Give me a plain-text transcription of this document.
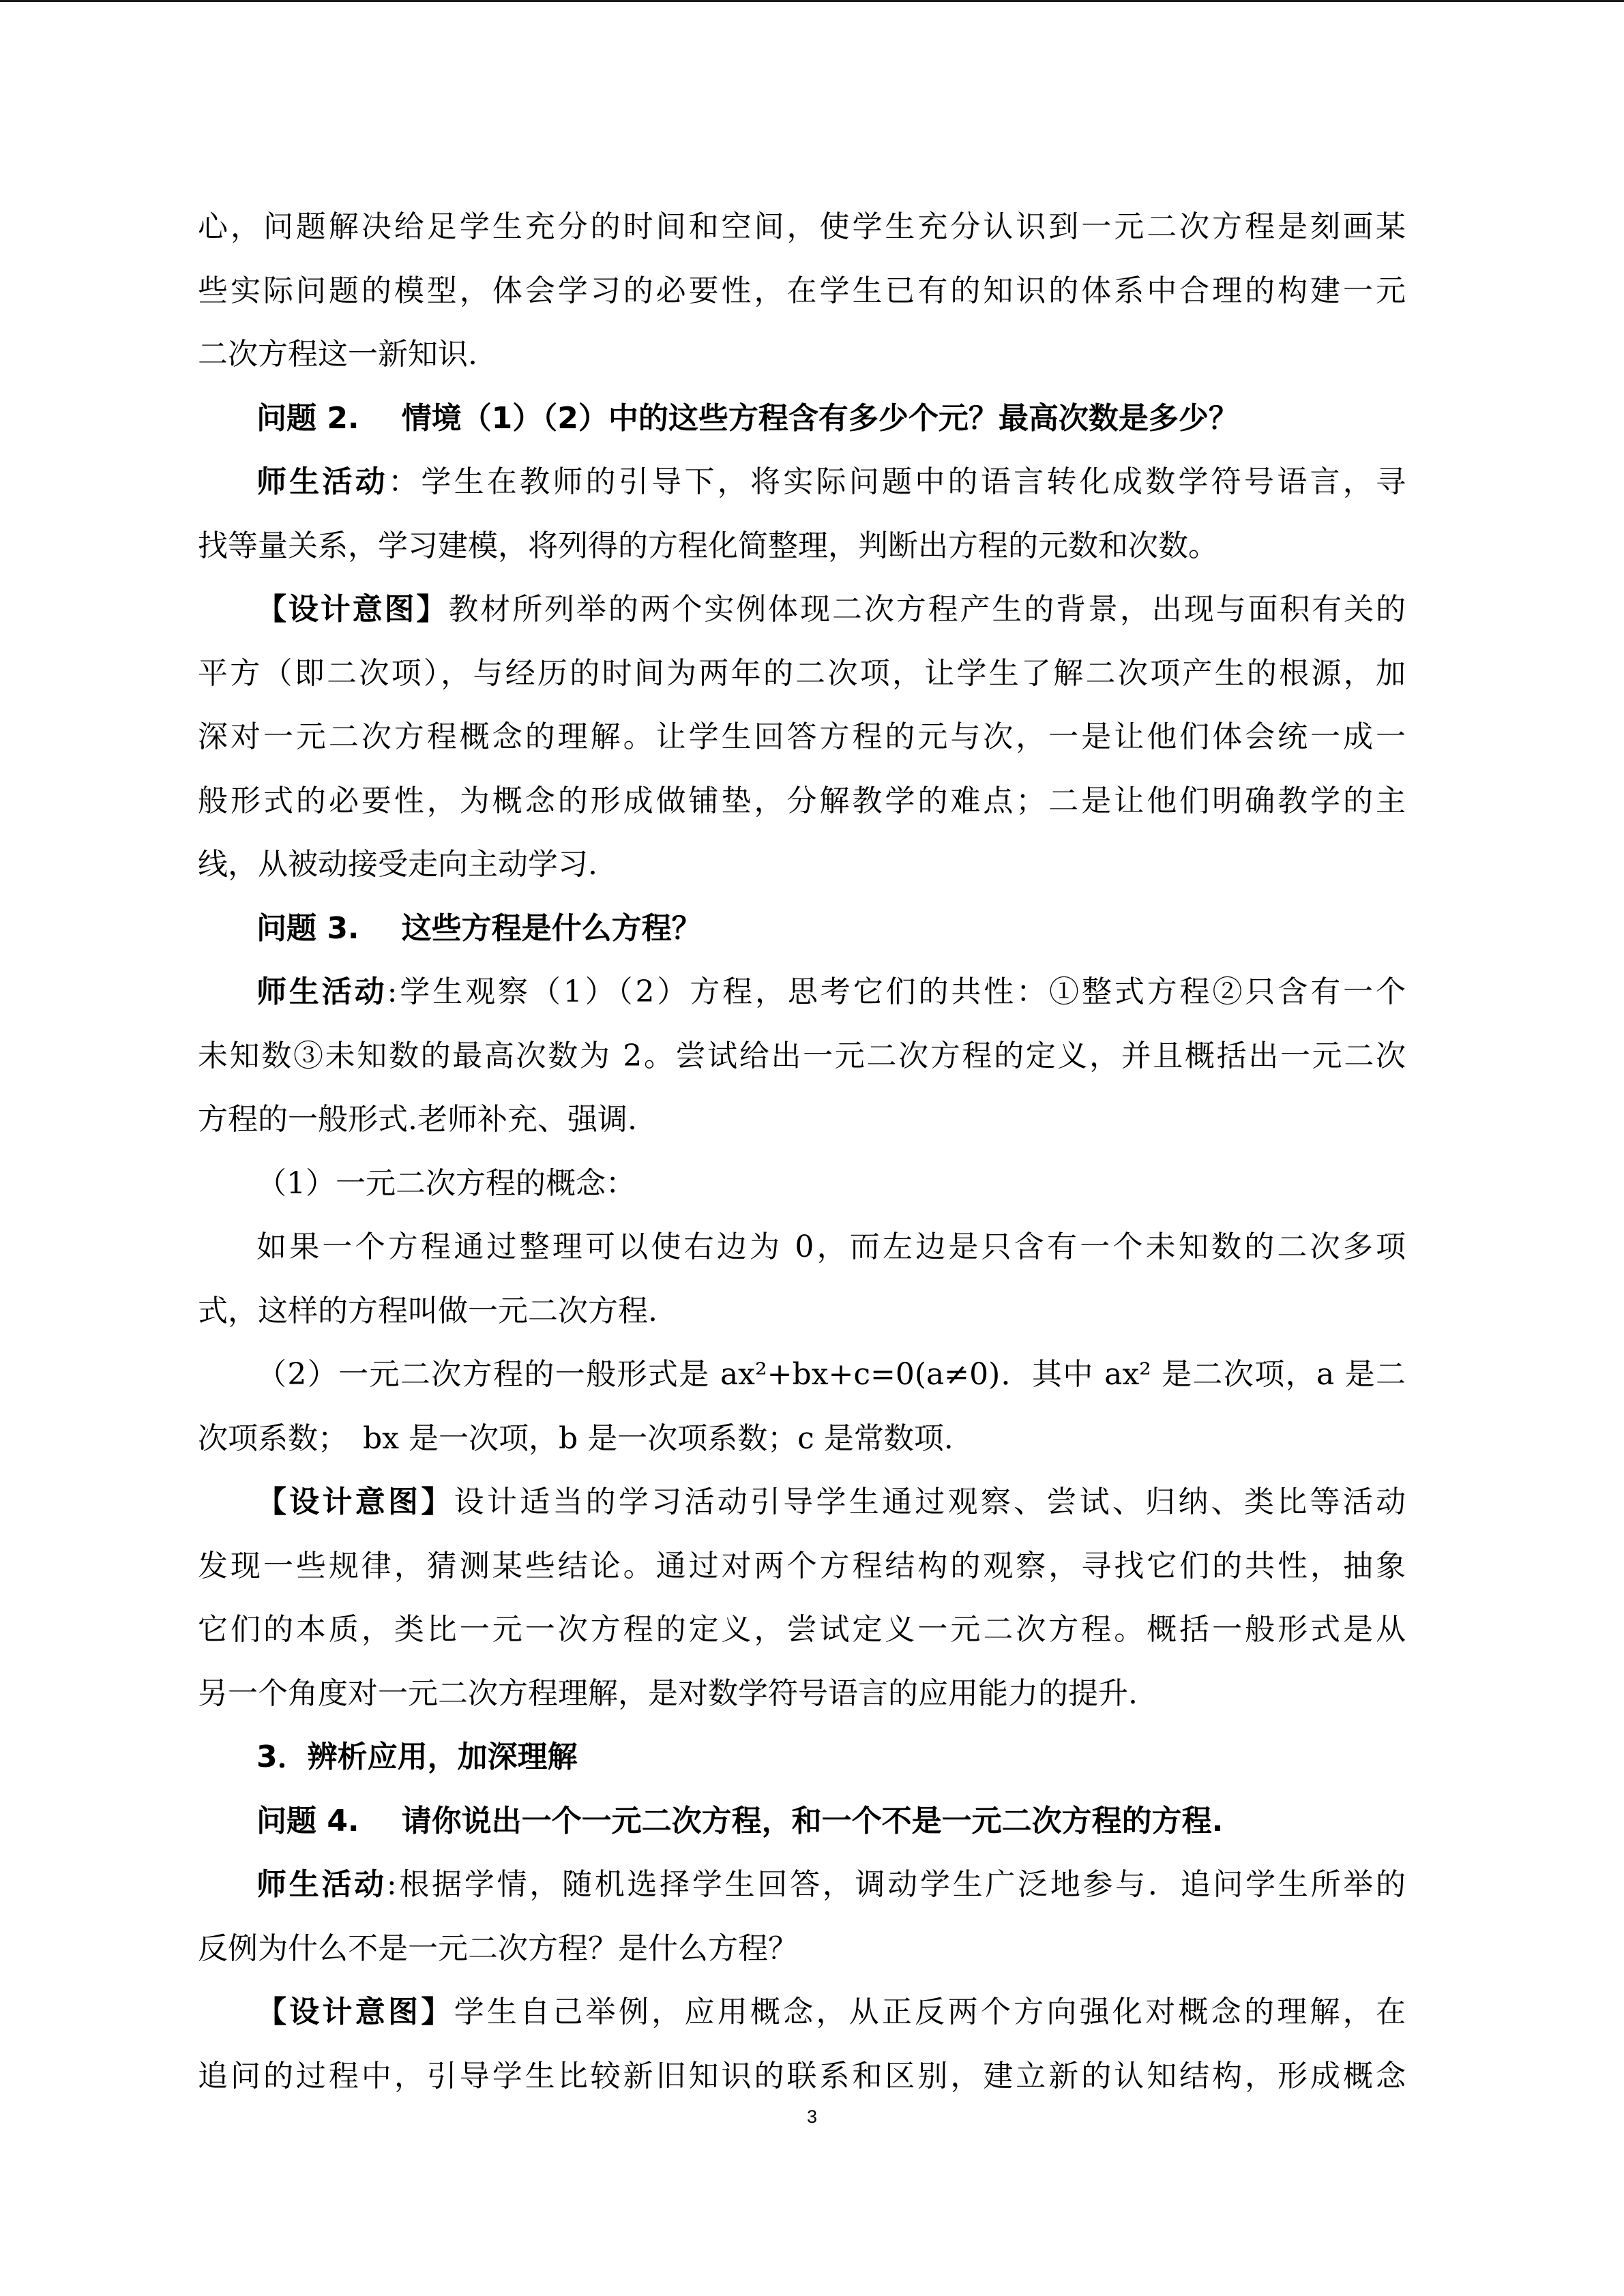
心，问题解决给足学生充分的时间和空间，使学生充分认识到一元二次方程是刻画某
些实际问题的模型，体会学习的必要性，在学生已有的知识的体系中合理的构建一元
二次方程这一新知识.
问题 2. 情境（1）（2）中的这些方程含有多少个元？最高次数是多少？
师生活动：学生在教师的引导下，将实际问题中的语言转化成数学符号语言，寻
找等量关系，学习建模，将列得的方程化简整理，判断出方程的元数和次数。
【设计意图】教材所列举的两个实例体现二次方程产生的背景，出现与面积有关的
平方（即二次项），与经历的时间为两年的二次项，让学生了解二次项产生的根源，加
深对一元二次方程概念的理解。让学生回答方程的元与次，一是让他们体会统一成一
般形式的必要性，为概念的形成做铺垫，分解教学的难点；二是让他们明确教学的主
线，从被动接受走向主动学习.
问题 3. 这些方程是什么方程？
师生活动:学生观察（1）（2）方程，思考它们的共性：①整式方程②只含有一个
未知数③未知数的最高次数为 2。尝试给出一元二次方程的定义，并且概括出一元二次
方程的一般形式.老师补充、强调.
（1）一元二次方程的概念：
如果一个方程通过整理可以使右边为 0，而左边是只含有一个未知数的二次多项
式，这样的方程叫做一元二次方程.
（2）一元二次方程的一般形式是 ax²+bx+c=0(a≠0)．其中 ax² 是二次项，a 是二
次项系数；　bx 是一次项，b 是一次项系数；c 是常数项.
【设计意图】设计适当的学习活动引导学生通过观察、尝试、归纳、类比等活动
发现一些规律，猜测某些结论。通过对两个方程结构的观察，寻找它们的共性，抽象
它们的本质，类比一元一次方程的定义，尝试定义一元二次方程。概括一般形式是从
另一个角度对一元二次方程理解，是对数学符号语言的应用能力的提升.
3．辨析应用，加深理解
问题 4. 请你说出一个一元二次方程，和一个不是一元二次方程的方程.
师生活动:根据学情，随机选择学生回答，调动学生广泛地参与．追问学生所举的
反例为什么不是一元二次方程？是什么方程？
【设计意图】学生自己举例，应用概念，从正反两个方向强化对概念的理解，在
追问的过程中，引导学生比较新旧知识的联系和区别，建立新的认知结构，形成概念
3
